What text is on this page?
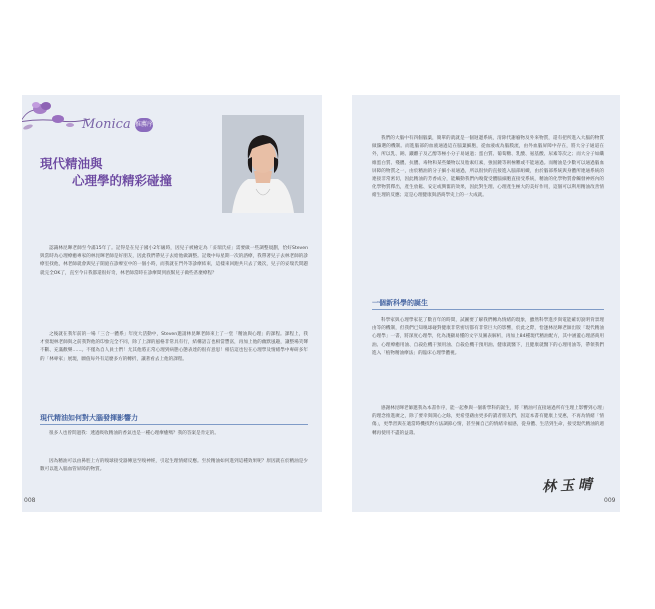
Monica 推薦序
現代精油與
心理學的精彩碰撞

認識林昆暉老師至今滿15年了。記得是在兒子國小2年級時，因兒子被檢定為「妥瑞氏症」需要做一些調整規劃，恰好Steven與當時為心理療癒專家的林昆暉老師是好朋友，因此我們帶兒子去給他做調整。記幾中每星期一次的諮療，我帶著兒子去林老師的診療室找他，林老師就會與兒子開庭在診療室中的一個小時，而我就在門外等診療結束，這樣來回跑共只去了幾次，兒子的妥瑞氏問題就完全OK了，直至今日我都還很好奇，林老師當時在診療間到底幫兒子做些甚麼療程？

之後就在我年前的一場「三合一體系」年度大活動中，Steven邀請林昆暉老師來上了一堂「精油與心理」的課程。課程上，我才發現林老師與之前我對他的印象完全不同，除了上課的風格非常具有行，結構語言也相當豐富，再加上他的幽默風趣，讓整場笑聲不斷、充滿歡樂……。不僅為自人員士們！尤其他將正常心理到病態心態表達的很有意思！相信這也包在心理學及情緒學中專研多年的「林專家」展現，願值每外有這麼多方的轉折，讓著看去上他的課程。

現代精油如何對大腦發揮影響力

很多人也曾問過我：透過吸收精油的香氣也是一種心理療癒嗎？我的答案是肯定的。

因為精油可以由鼻腔上方的嗅球接受器傳送至嗅神經，引起生理情緒反應。至於精油如何進到這種效果呢？原因就在於精油是少數可以進入腦血管屏障的物質。

008

我們的大腦中有四個腦葉，簡單的就就是一個迴邊系統，清除代謝廢物及外來物質，還有把所進入大腦的物質做篩選的機制。而進腦部的血液通過這在腦葉細胞，從血液或為腦膜流，由外血腦屏障中存在，將大分子通道在外，所以乳、鈉、鐵離子及乙醇等極小分子易通過；蛋白質、葡萄糖、乳酸、氨基酸、尿素等次之；而大分子如纖維蛋白質、殘體、抗體、毒物和某些藥物以及胎素紅素，強固鏈等則極難或不能通過。而精油是少數可以通過腦血屏障的物質之一，由於精油的分子細小易通過，所以很快的直接進入腦部組織，由於腦部系統與身體所連通系統的連接非常密切，因此精油的芳香成分，能觸動我們內嗅覺受體腦細胞直接受系統，精油的化學物質會觸發神經內的化學物質釋出，產生放鬆、安定或興奮的效果，因此對生理、心理產生極大的美好作用，這個可以利用精油改善情緒生理的反應；這是心理健康與諮商學史上的一大成就。

一個新科學的誕生

科學家與心理學家花了數百年的時間，試圖要了解我們轉為情緒的現象，雖然科學進步與電能確切說明背景理由等的機制，但我們已知嗅球碰對健康非常密切都有非常巨大的影響，於此之際，恰逢林昆暉老師出版「現代精油心理學」一書，將深度心理學，化為淺顯易懂的文字及圖表解析，再加上84種現代精油配方，其中涵蓋心理諮商用油、心理療癒用油、自殺危機干預用油、自殺危機干預用油、健康就醫下，且健康就醫下的心理用油等，帶領我們進入「植物精油療法」的臨床心理學體視。

感謝林昆暉老師邀我為本書作序，能一起參與一個新學科的誕生，將「精油可直接通過所有生理上影響到心理」的理念推進廣之，除了要幸與開心之餘，更希望藉由更多的讀者朋友們，因這本書有健康上受惠，不再為情緒「情傷」，更學習與在適當時機找對方法調節心情，甚至擁自己的情緒幸福感，從身體、生活到生命，接受現代精油的週轉再使用不盡的益壽。

林玉晴
009
